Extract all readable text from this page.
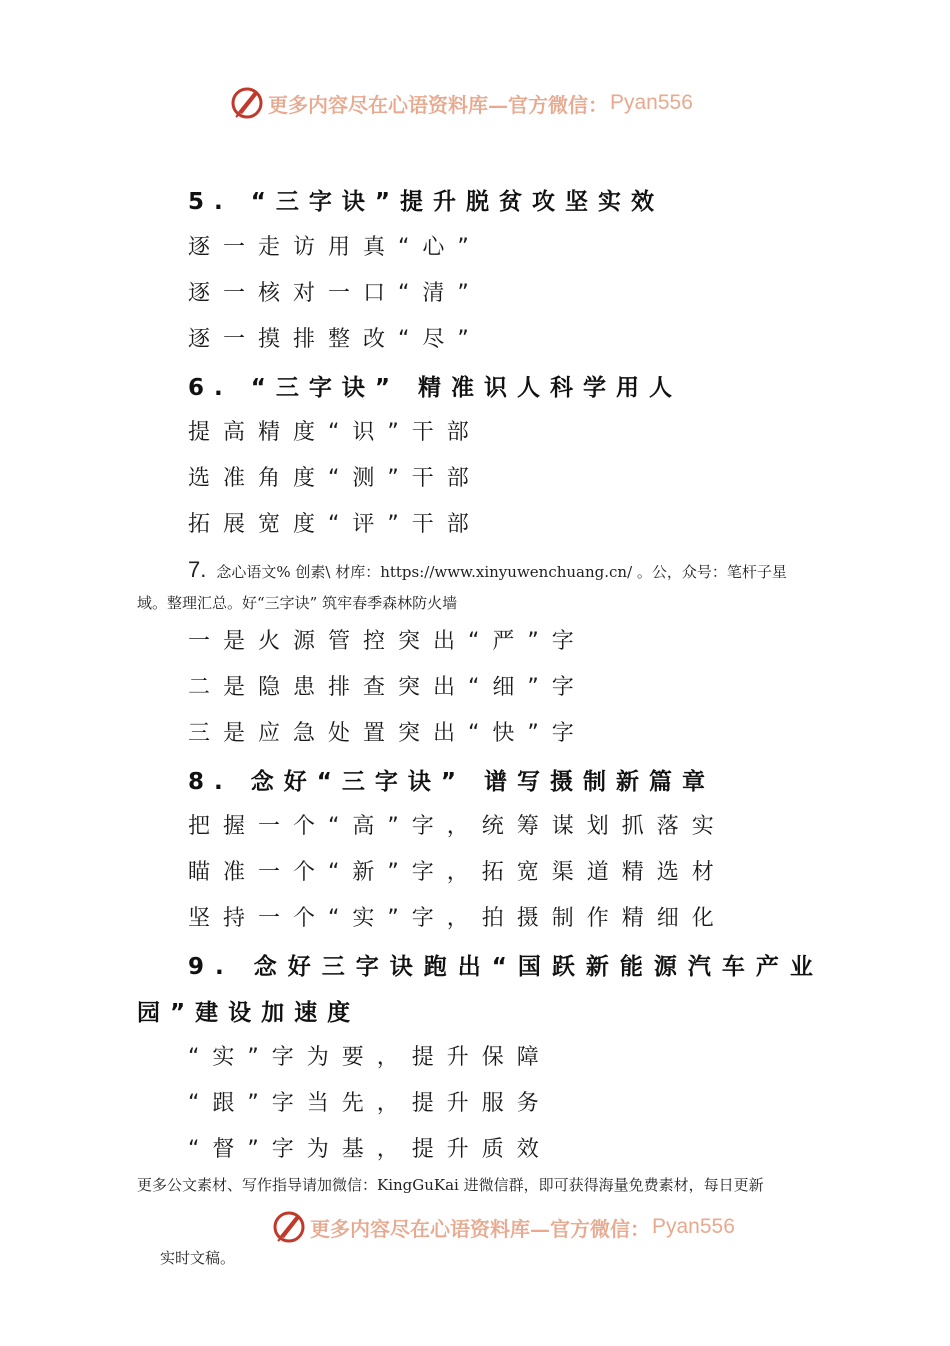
更多内容尽在心语资料库—官方微信： Pyan556
5. “三字诀”提升脱贫攻坚实效
逐一走访用真“心”
逐一核对一口“清”
逐一摸排整改“尽”
6. “三字诀” 精准识人科学用人
提高精度“识”干部
选准角度“测”干部
拓展宽度“评”干部
7. 念心语文% 创素\ 材库：https://www.xinyuwenchuang.cn/ 。公，众号：笔杆子星
域。整理汇总。好“三字诀” 筑牢春季森林防火墙
一是火源管控突出“严”字
二是隐患排查突出“细”字
三是应急处置突出“快”字
8. 念好“三字诀” 谱写摄制新篇章
把握一个“高”字，统筹谋划抓落实
瞄准一个“新”字，拓宽渠道精选材
坚持一个“实”字，拍摄制作精细化
9. 念好三字诀跑出“国跃新能源汽车产业
园”建设加速度
“实”字为要，提升保障
“跟”字当先，提升服务
“督”字为基，提升质效
更多公文素材、写作指导请加微信：KingGuKai 进微信群，即可获得海量免费素材，每日更新
更多内容尽在心语资料库—官方微信： Pyan556
实时文稿。
